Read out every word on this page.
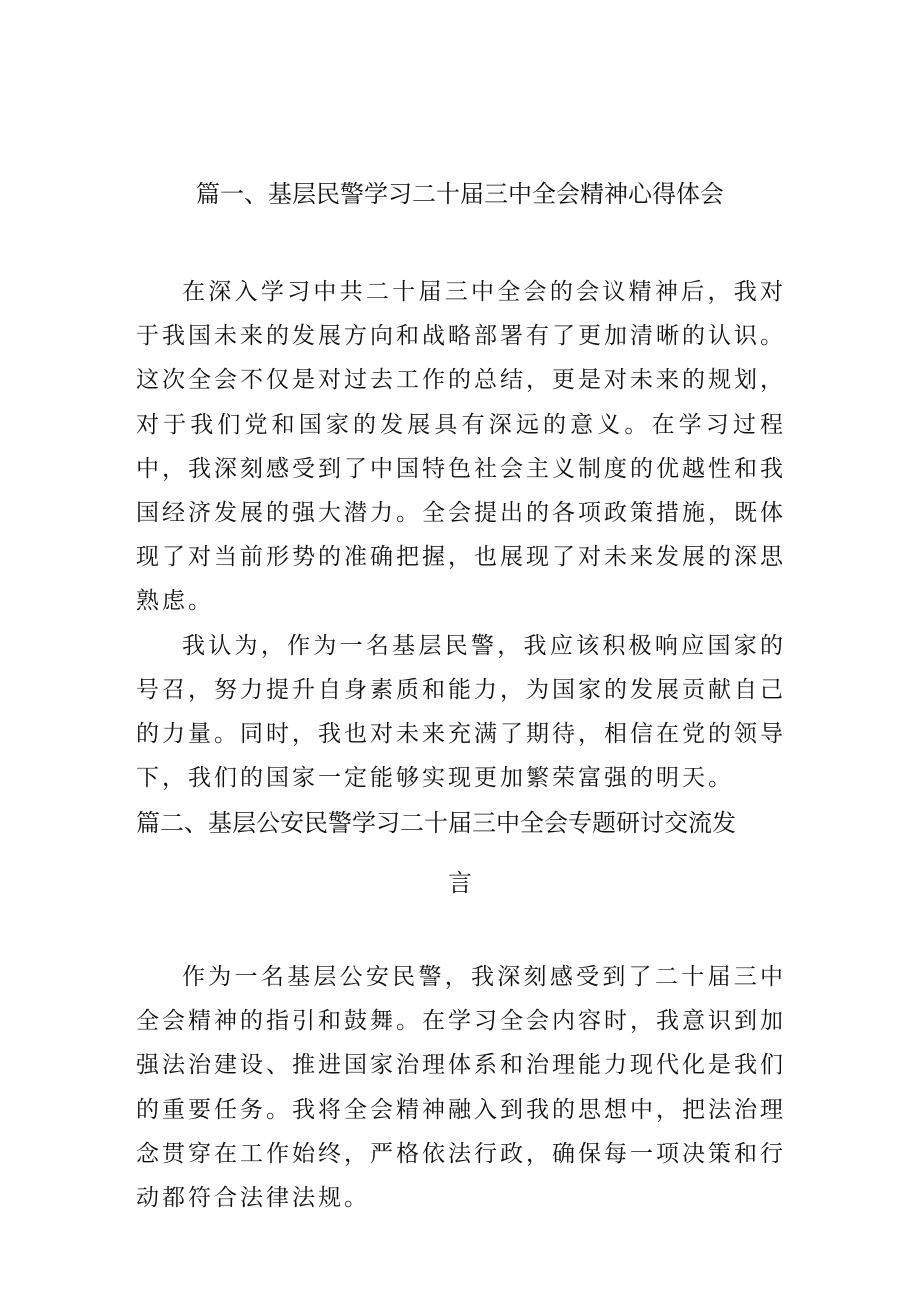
篇一、基层民警学习二十届三中全会精神心得体会

在深入学习中共二十届三中全会的会议精神后，我对于我国未来的发展方向和战略部署有了更加清晰的认识。这次全会不仅是对过去工作的总结，更是对未来的规划，对于我们党和国家的发展具有深远的意义。在学习过程中，我深刻感受到了中国特色社会主义制度的优越性和我国经济发展的强大潜力。全会提出的各项政策措施，既体现了对当前形势的准确把握，也展现了对未来发展的深思熟虑。

我认为，作为一名基层民警，我应该积极响应国家的号召，努力提升自身素质和能力，为国家的发展贡献自己的力量。同时，我也对未来充满了期待，相信在党的领导下，我们的国家一定能够实现更加繁荣富强的明天。

篇二、基层公安民警学习二十届三中全会专题研讨交流发
言

作为一名基层公安民警，我深刻感受到了二十届三中全会精神的指引和鼓舞。在学习全会内容时，我意识到加强法治建设、推进国家治理体系和治理能力现代化是我们的重要任务。我将全会精神融入到我的思想中，把法治理念贯穿在工作始终，严格依法行政，确保每一项决策和行动都符合法律法规。
